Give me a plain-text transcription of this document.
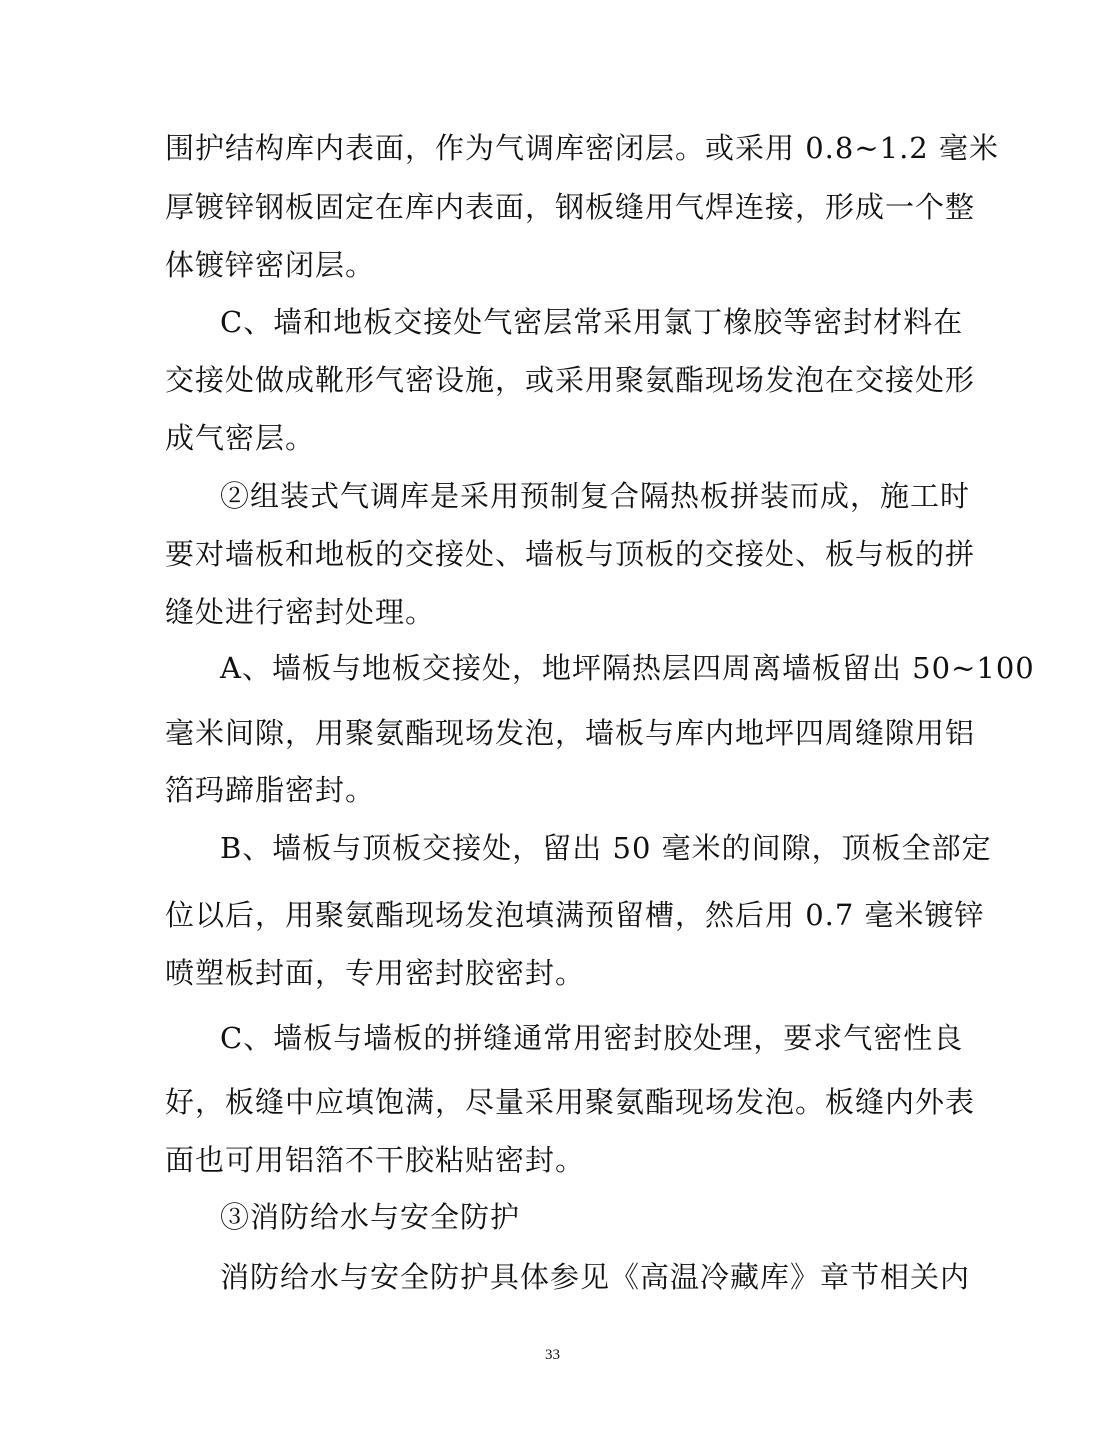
围护结构库内表面，作为气调库密闭层。或采用 0.8~1.2 毫米
厚镀锌钢板固定在库内表面，钢板缝用气焊连接，形成一个整
体镀锌密闭层。
C、墙和地板交接处气密层常采用氯丁橡胶等密封材料在
交接处做成靴形气密设施，或采用聚氨酯现场发泡在交接处形
成气密层。
②组装式气调库是采用预制复合隔热板拼装而成，施工时
要对墙板和地板的交接处、墙板与顶板的交接处、板与板的拼
缝处进行密封处理。
A、墙板与地板交接处，地坪隔热层四周离墙板留出 50~100
毫米间隙，用聚氨酯现场发泡，墙板与库内地坪四周缝隙用铝
箔玛蹄脂密封。
B、墙板与顶板交接处，留出 50 毫米的间隙，顶板全部定
位以后，用聚氨酯现场发泡填满预留槽，然后用 0.7 毫米镀锌
喷塑板封面，专用密封胶密封。
C、墙板与墙板的拼缝通常用密封胶处理，要求气密性良
好，板缝中应填饱满，尽量采用聚氨酯现场发泡。板缝内外表
面也可用铝箔不干胶粘贴密封。
③消防给水与安全防护
消防给水与安全防护具体参见《高温冷藏库》章节相关内
33
